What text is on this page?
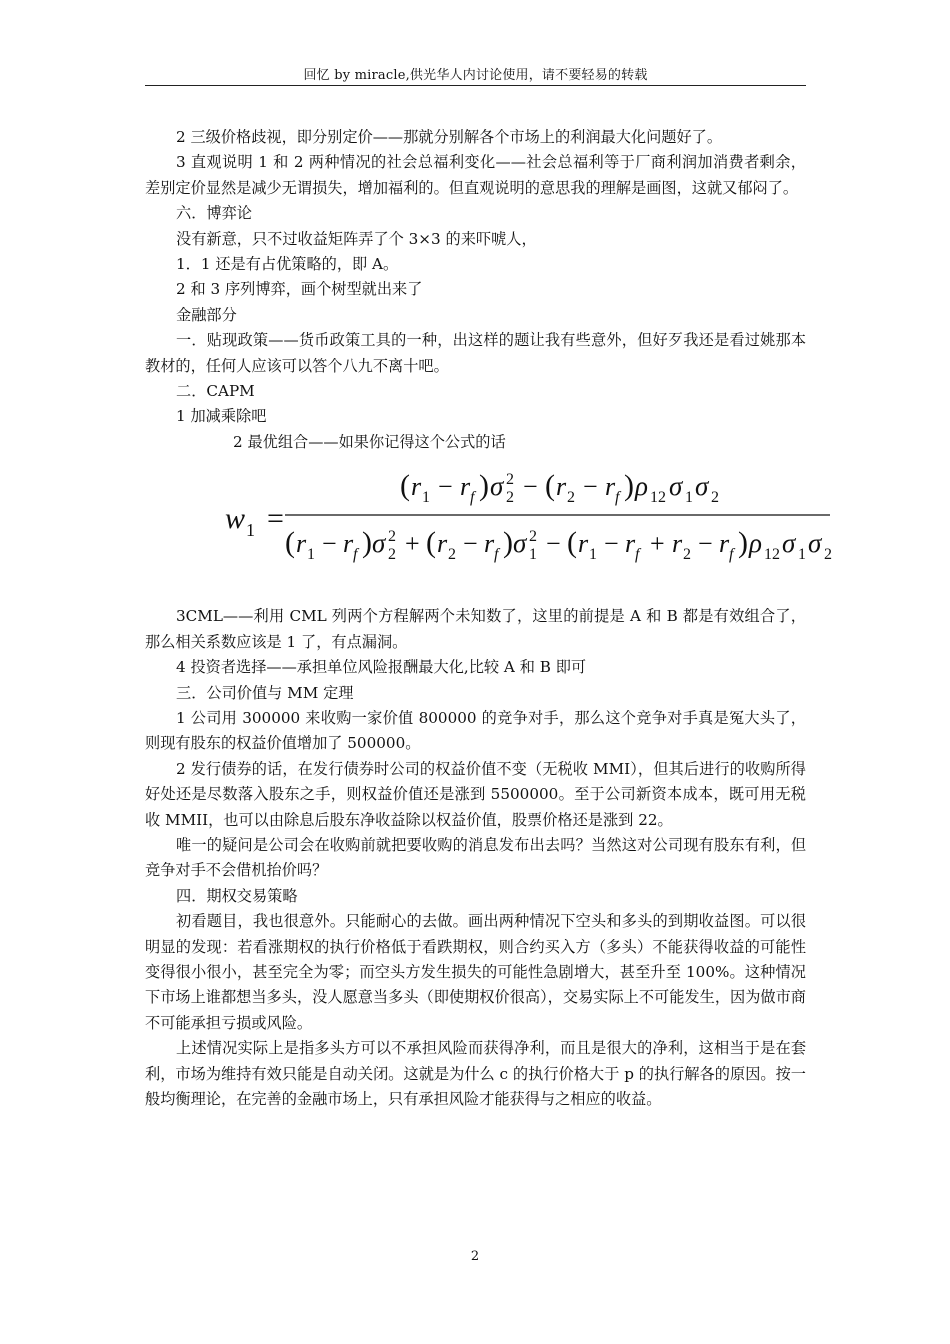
回忆 by miracle,供光华人内讨论使用，请不要轻易的转载

2 三级价格歧视，即分别定价——那就分别解各个市场上的利润最大化问题好了。

3 直观说明 1 和 2 两种情况的社会总福利变化——社会总福利等于厂商利润加消费者剩余，差别定价显然是减少无谓损失，增加福利的。但直观说明的意思我的理解是画图，这就又郁闷了。

六．博弈论

没有新意，只不过收益矩阵弄了个 3×3 的来吓唬人，

1．1 还是有占优策略的，即 A。

2 和 3 序列博弈，画个树型就出来了

金融部分

一．贴现政策——货币政策工具的一种，出这样的题让我有些意外，但好歹我还是看过姚那本教材的，任何人应该可以答个八九不离十吧。

二．CAPM

1 加减乘除吧

2 最优组合——如果你记得这个公式的话

w 1 =
( r 1 − r f ) σ 2
2 − ( r 2 − r f ) ρ 12 σ 1 σ 2
( r 1 − r f ) σ 2
2 + ( r 2 − r f ) σ 1
2 − ( r 1 − r f + r 2 − r f ) ρ 12 σ 1 σ 2

3CML——利用 CML 列两个方程解两个未知数了，这里的前提是 A 和 B 都是有效组合了，那么相关系数应该是 1 了，有点漏洞。

4 投资者选择——承担单位风险报酬最大化,比较 A 和 B 即可

三．公司价值与 MM 定理

1 公司用 300000 来收购一家价值 800000 的竞争对手，那么这个竞争对手真是冤大头了，则现有股东的权益价值增加了 500000。

2 发行债券的话，在发行债券时公司的权益价值不变（无税收 MMI），但其后进行的收购所得好处还是尽数落入股东之手，则权益价值还是涨到 5500000。至于公司新资本成本，既可用无税收 MMII，也可以由除息后股东净收益除以权益价值，股票价格还是涨到 22。

唯一的疑问是公司会在收购前就把要收购的消息发布出去吗？当然这对公司现有股东有利，但竞争对手不会借机抬价吗？

四．期权交易策略

初看题目，我也很意外。只能耐心的去做。画出两种情况下空头和多头的到期收益图。可以很明显的发现：若看涨期权的执行价格低于看跌期权，则合约买入方（多头）不能获得收益的可能性变得很小很小，甚至完全为零；而空头方发生损失的可能性急剧增大，甚至升至 100%。这种情况下市场上谁都想当多头，没人愿意当多头（即使期权价很高），交易实际上不可能发生，因为做市商不可能承担亏损或风险。

上述情况实际上是指多头方可以不承担风险而获得净利，而且是很大的净利，这相当于是在套利，市场为维持有效只能是自动关闭。这就是为什么 c 的执行价格大于 p 的执行解各的原因。按一般均衡理论，在完善的金融市场上，只有承担风险才能获得与之相应的收益。

2
